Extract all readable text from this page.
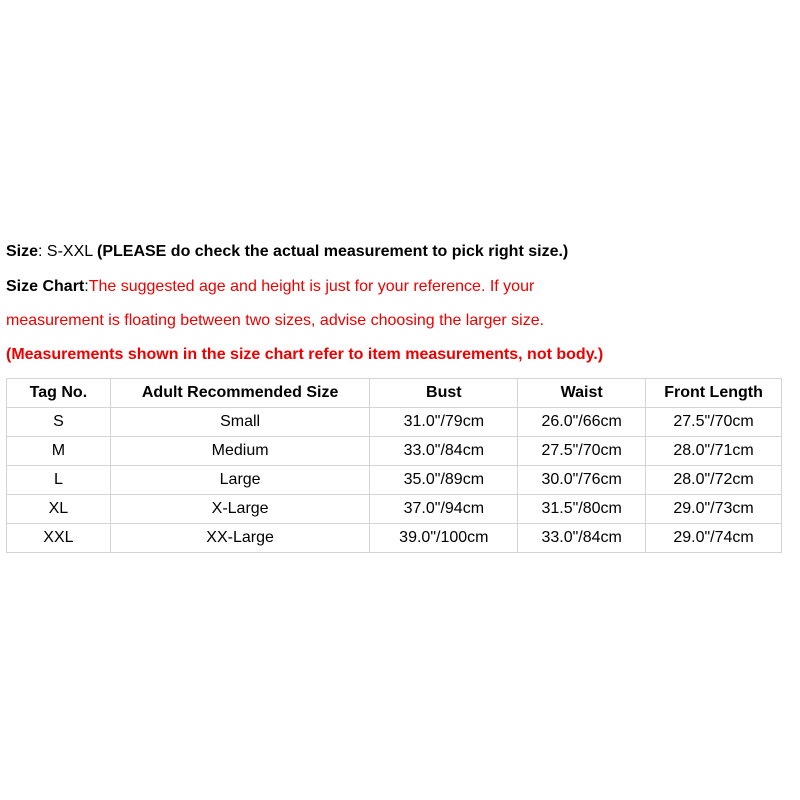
Size: S-XXL (PLEASE do check the actual measurement to pick right size.)
Size Chart:The suggested age and height is just for your reference. If your
measurement is floating between two sizes, advise choosing the larger size.
(Measurements shown in the size chart refer to item measurements, not body.)
Tag No.	Adult Recommended Size	Bust	Waist	Front Length
S	Small	31.0"/79cm	26.0"/66cm	27.5"/70cm
M	Medium	33.0"/84cm	27.5"/70cm	28.0"/71cm
L	Large	35.0"/89cm	30.0"/76cm	28.0"/72cm
XL	X-Large	37.0"/94cm	31.5"/80cm	29.0"/73cm
XXL	XX-Large	39.0"/100cm	33.0"/84cm	29.0"/74cm
